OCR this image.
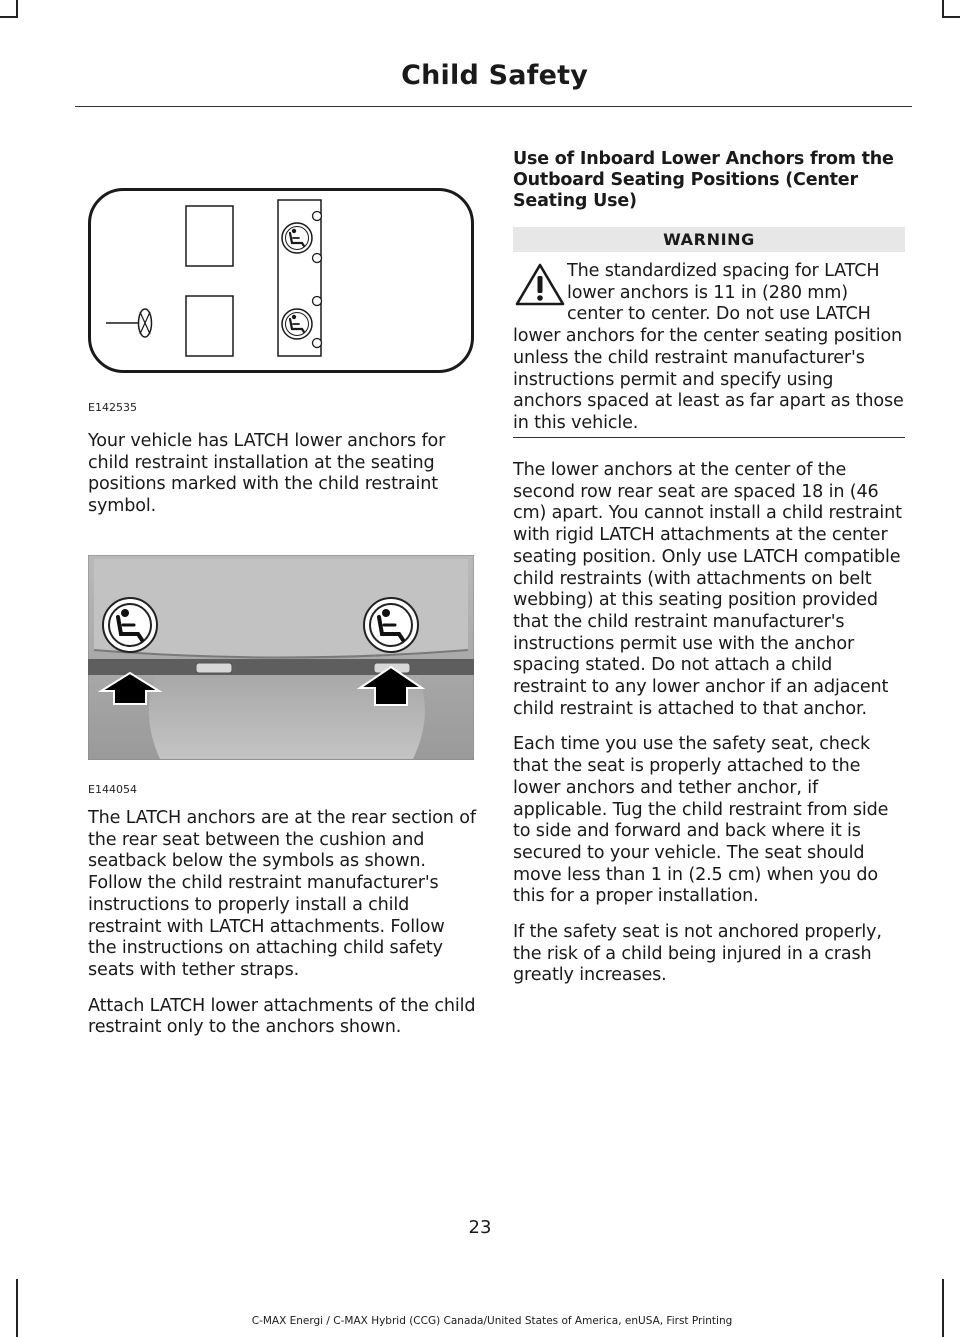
Child Safety
E142535

Your vehicle has LATCH lower anchors for child restraint installation at the seating positions marked with the child restraint symbol.

E144054

The LATCH anchors are at the rear section of the rear seat between the cushion and seatback below the symbols as shown. Follow the child restraint manufacturer's instructions to properly install a child restraint with LATCH attachments. Follow the instructions on attaching child safety seats with tether straps.

Attach LATCH lower attachments of the child restraint only to the anchors shown.

Use of Inboard Lower Anchors from the Outboard Seating Positions (Center Seating Use)
WARNING
The standardized spacing for LATCH lower anchors is 11 in (280 mm) center to center. Do not use LATCH lower anchors for the center seating position unless the child restraint manufacturer's instructions permit and specify using anchors spaced at least as far apart as those in this vehicle.

The lower anchors at the center of the second row rear seat are spaced 18 in (46 cm) apart. You cannot install a child restraint with rigid LATCH attachments at the center seating position. Only use LATCH compatible child restraints (with attachments on belt webbing) at this seating position provided that the child restraint manufacturer's instructions permit use with the anchor spacing stated. Do not attach a child restraint to any lower anchor if an adjacent child restraint is attached to that anchor.

Each time you use the safety seat, check that the seat is properly attached to the lower anchors and tether anchor, if applicable. Tug the child restraint from side to side and forward and back where it is secured to your vehicle. The seat should move less than 1 in (2.5 cm) when you do this for a proper installation.

If the safety seat is not anchored properly, the risk of a child being injured in a crash greatly increases.

23
C-MAX Energi / C-MAX Hybrid (CCG) Canada/United States of America, enUSA, First Printing
